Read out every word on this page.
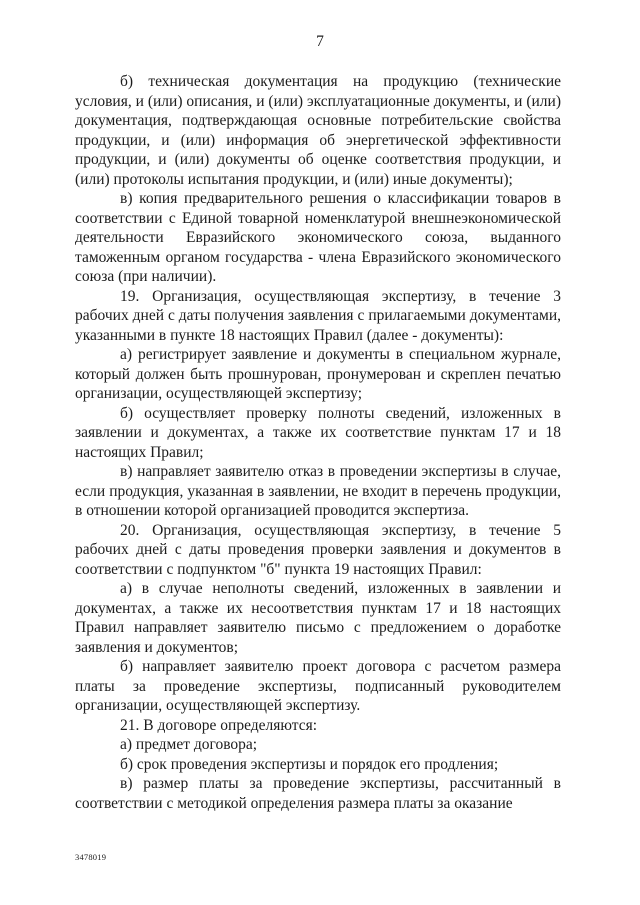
7

б) техническая документация на продукцию (технические условия, и (или) описания, и (или) эксплуатационные документы, и (или) документация, подтверждающая основные потребительские свойства продукции, и (или) информация об энергетической эффективности продукции, и (или) документы об оценке соответствия продукции, и (или) протоколы испытания продукции, и (или) иные документы);

в) копия предварительного решения о классификации товаров в соответствии с Единой товарной номенклатурой внешнеэкономической деятельности Евразийского экономического союза, выданного таможенным органом государства - члена Евразийского экономического союза (при наличии).

19. Организация, осуществляющая экспертизу, в течение 3 рабочих дней с даты получения заявления с прилагаемыми документами, указанными в пункте 18 настоящих Правил (далее - документы):

а) регистрирует заявление и документы в специальном журнале, который должен быть прошнурован, пронумерован и скреплен печатью организации, осуществляющей экспертизу;

б) осуществляет проверку полноты сведений, изложенных в заявлении и документах, а также их соответствие пунктам 17 и 18 настоящих Правил;

в) направляет заявителю отказ в проведении экспертизы в случае, если продукция, указанная в заявлении, не входит в перечень продукции, в отношении которой организацией проводится экспертиза.

20. Организация, осуществляющая экспертизу, в течение 5 рабочих дней с даты проведения проверки заявления и документов в соответствии с подпунктом "б" пункта 19 настоящих Правил:

а) в случае неполноты сведений, изложенных в заявлении и документах, а также их несоответствия пунктам 17 и 18 настоящих Правил направляет заявителю письмо с предложением о доработке заявления и документов;

б) направляет заявителю проект договора с расчетом размера платы за проведение экспертизы, подписанный руководителем организации, осуществляющей экспертизу.

21. В договоре определяются:

а) предмет договора;

б) срок проведения экспертизы и порядок его продления;

в) размер платы за проведение экспертизы, рассчитанный в соответствии с методикой определения размера платы за оказание

3478019
